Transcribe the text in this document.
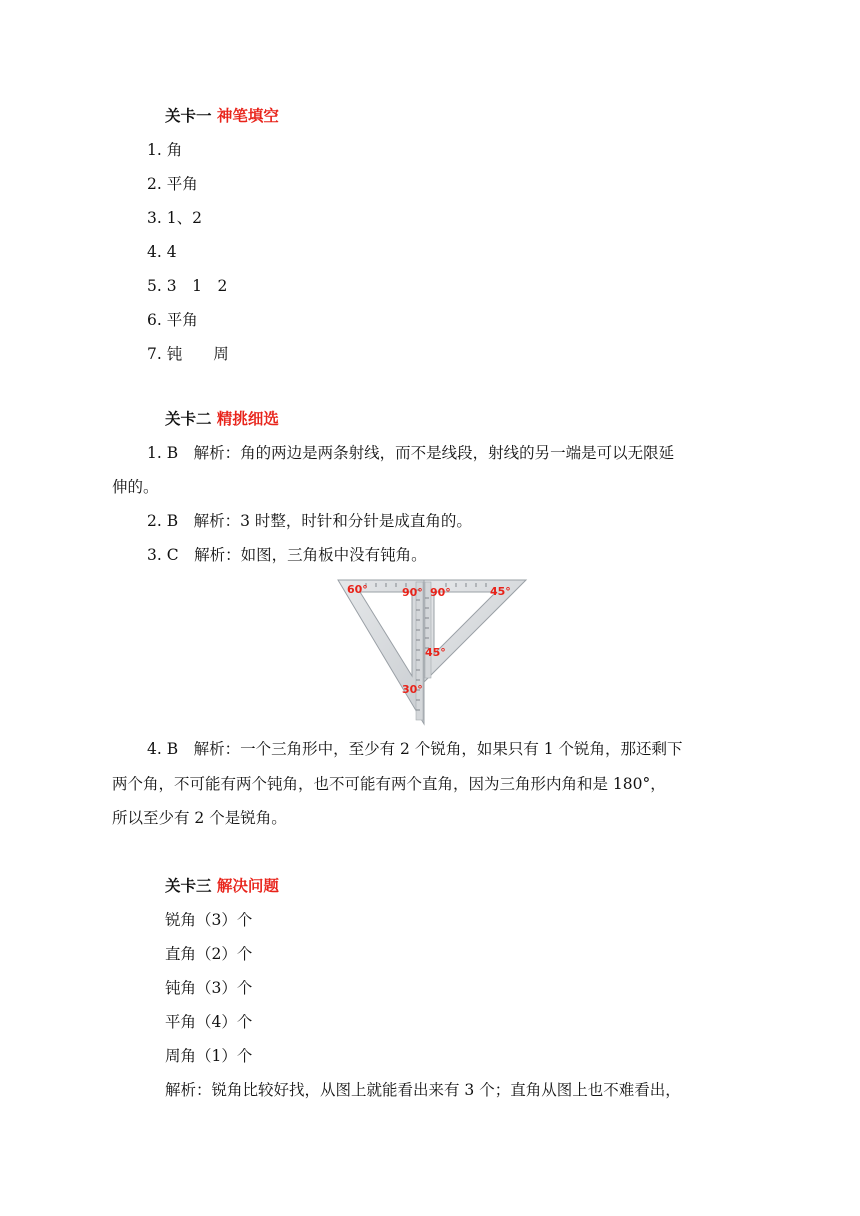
关卡一 神笔填空
1. 角
2. 平角
3. 1、2
4. 4
5. 3　1　2
6. 平角
7. 钝　　周
关卡二 精挑细选
1. B　解析：角的两边是两条射线，而不是线段，射线的另一端是可以无限延
伸的。
2. B　解析：3 时整，时针和分针是成直角的。
3. C　解析：如图，三角板中没有钝角。
60°	90° 90°	45°
45°
30°
4. B　解析：一个三角形中，至少有 2 个锐角，如果只有 1 个锐角，那还剩下
两个角，不可能有两个钝角，也不可能有两个直角，因为三角形内角和是 180°，
所以至少有 2 个是锐角。
关卡三 解决问题
锐角（3）个
直角（2）个
钝角（3）个
平角（4）个
周角（1）个
解析：锐角比较好找，从图上就能看出来有 3 个；直角从图上也不难看出，
